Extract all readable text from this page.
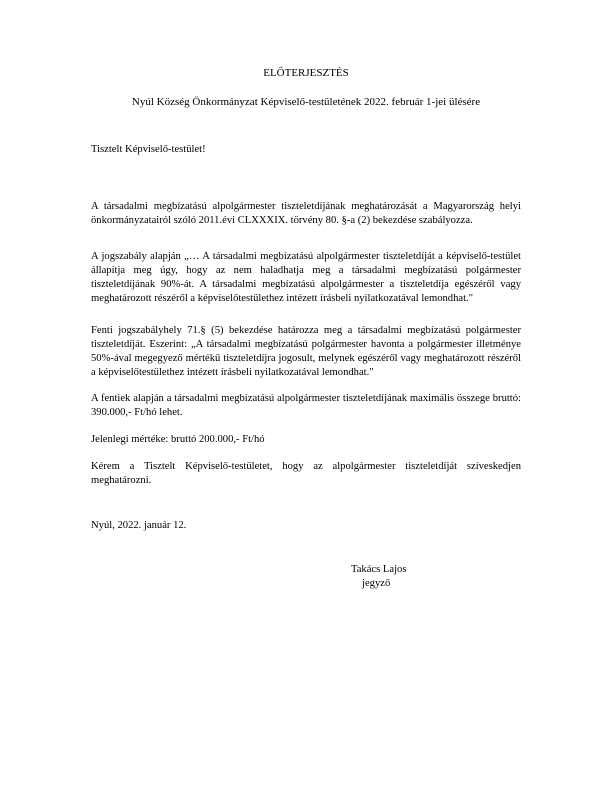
ELŐTERJESZTÉS
Nyúl Község Önkormányzat Képviselő-testületének 2022. február 1-jei ülésére
Tisztelt Képviselő-testület!
A társadalmi megbízatású alpolgármester tiszteletdíjának meghatározását a Magyarország helyi önkormányzatairól szóló 2011.évi CLXXXIX. törvény 80. §-a (2) bekezdése szabályozza.
A jogszabály alapján „… A társadalmi megbízatású alpolgármester tiszteletdíját a képviselő-testület állapítja meg úgy, hogy az nem haladhatja meg a társadalmi megbízatású polgármester tiszteletdíjának 90%-át. A társadalmi megbízatású alpolgármester a tiszteletdíja egészéről vagy meghatározott részéről a képviselőtestülethez intézett írásbeli nyilatkozatával lemondhat."
Fenti jogszabályhely 71.§ (5) bekezdése határozza meg a társadalmi megbízatású polgármester tiszteletdíját. Eszerint: „A társadalmi megbízatású polgármester havonta a polgármester illetménye 50%-ával megegyező mértékű tiszteletdíjra jogosult, melynek egészéről vagy meghatározott részéről a képviselőtestülethez intézett írásbeli nyilatkozatával lemondhat."
A fentiek alapján a társadalmi megbízatású alpolgármester tiszteletdíjának maximális összege bruttó: 390.000,- Ft/hó lehet.
Jelenlegi mértéke: bruttó 200.000,- Ft/hó
Kérem a Tisztelt Képviselő-testületet, hogy az alpolgármester tiszteletdíját szíveskedjen meghatározni.
Nyúl, 2022. január 12.
Takács Lajos
jegyző
